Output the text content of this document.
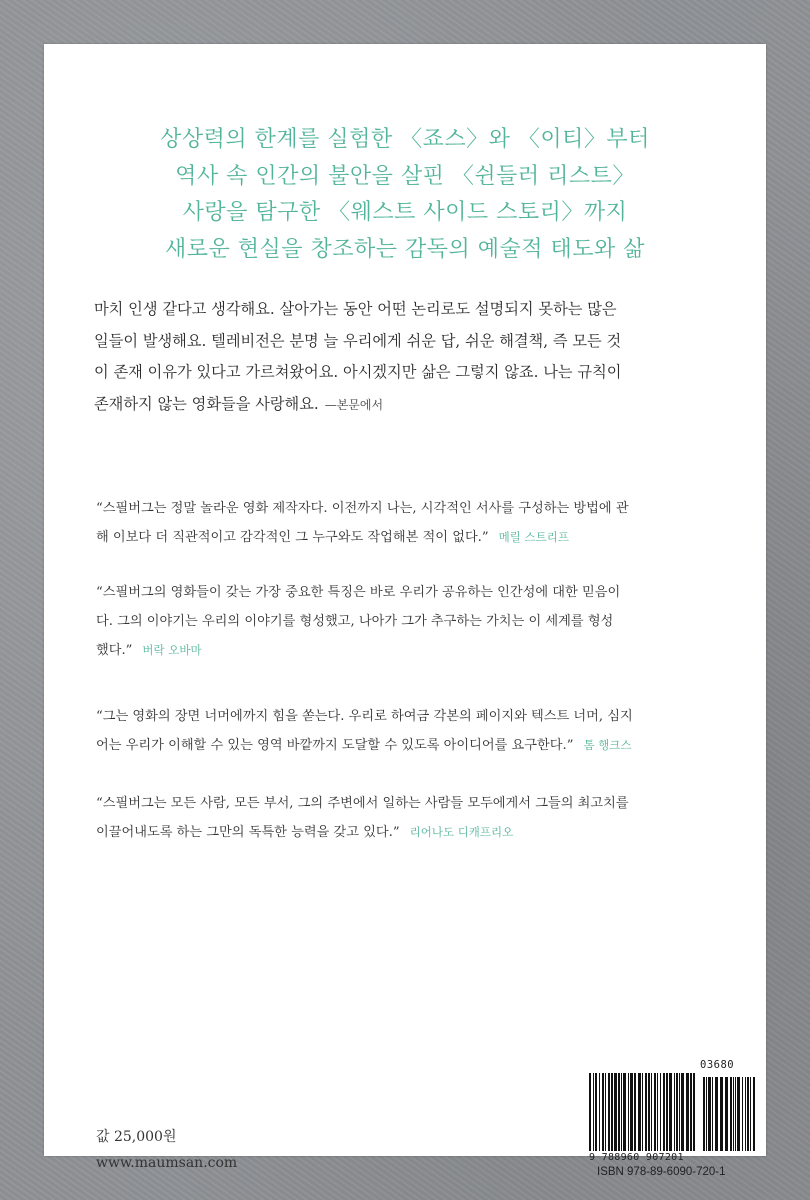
상상력의 한계를 실험한 〈죠스〉와 〈이티〉부터
역사 속 인간의 불안을 살핀 〈쉰들러 리스트〉
사랑을 탐구한 〈웨스트 사이드 스토리〉까지
새로운 현실을 창조하는 감독의 예술적 태도와 삶
마치 인생 같다고 생각해요. 살아가는 동안 어떤 논리로도 설명되지 못하는 많은
일들이 발생해요. 텔레비전은 분명 늘 우리에게 쉬운 답, 쉬운 해결책, 즉 모든 것
이 존재 이유가 있다고 가르쳐왔어요. 아시겠지만 삶은 그렇지 않죠. 나는 규칙이
존재하지 않는 영화들을 사랑해요. —본문에서
“스필버그는 정말 놀라운 영화 제작자다. 이전까지 나는, 시각적인 서사를 구성하는 방법에 관
해 이보다 더 직관적이고 감각적인 그 누구와도 작업해본 적이 없다.” 메릴 스트리프
“스필버그의 영화들이 갖는 가장 중요한 특징은 바로 우리가 공유하는 인간성에 대한 믿음이
다. 그의 이야기는 우리의 이야기를 형성했고, 나아가 그가 추구하는 가치는 이 세계를 형성
했다.” 버락 오바마
“그는 영화의 장면 너머에까지 힘을 쏟는다. 우리로 하여금 각본의 페이지와 텍스트 너머, 심지
어는 우리가 이해할 수 있는 영역 바깥까지 도달할 수 있도록 아이디어를 요구한다.” 톰 행크스
“스필버그는 모든 사람, 모든 부서, 그의 주변에서 일하는 사람들 모두에게서 그들의 최고치를
이끌어내도록 하는 그만의 독특한 능력을 갖고 있다.” 리어나도 디캐프리오
값 25,000원
www.maumsan.com
03680
9 788960 907201
ISBN 978-89-6090-720-1
